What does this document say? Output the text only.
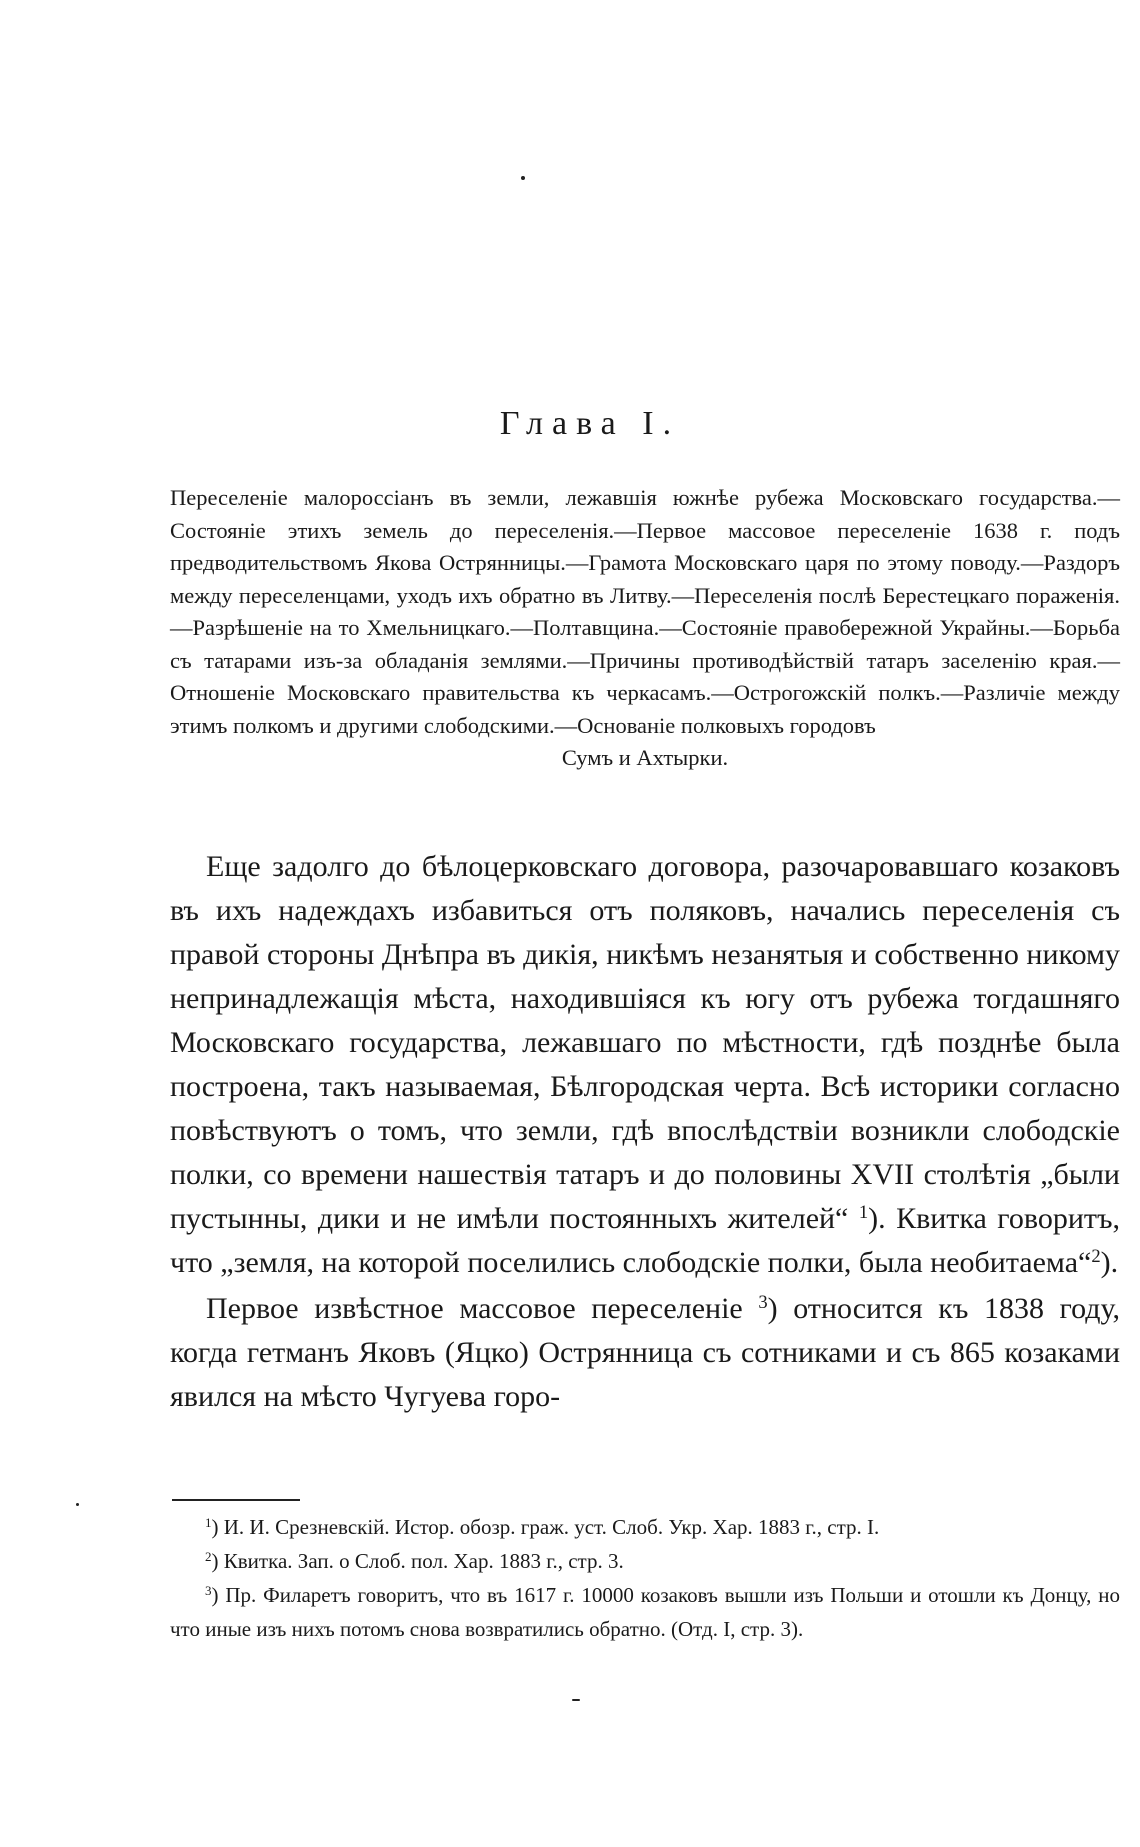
Глава I.
Переселеніе малороссіанъ въ земли, лежавшія южнѣе рубежа Московскаго государства.—Состояніе этихъ земель до переселенія.—Первое массовое переселеніе 1638 г. подъ предводительствомъ Якова Острянницы.—Грамота Московскаго царя по этому поводу.—Раздоръ между переселенцами, уходъ ихъ обратно въ Литву.—Переселенія послѣ Берестецкаго пораженія.—Разрѣшеніе на то Хмельницкаго.—Полтавщина.—Состояніе правобережной Украйны.—Борьба съ татарами изъ-за обладанія землями.—Причины противодѣйствій татаръ заселенію края.—Отношеніе Московскаго правительства къ черкасамъ.—Острогожскій полкъ.—Различіе между этимъ полкомъ и другими слободскими.—Основаніе полковыхъ городовъ
Сумъ и Ахтырки.

Еще задолго до бѣлоцерковскаго договора, разочаровавшаго козаковъ въ ихъ надеждахъ избавиться отъ поляковъ, начались переселенія съ правой стороны Днѣпра въ дикія, никѣмъ незанятыя и собственно никому непринадлежащія мѣста, находившіяся къ югу отъ рубежа тогдашняго Московскаго государства, лежавшаго по мѣстности, гдѣ позднѣе была построена, такъ называемая, Бѣлгородская черта. Всѣ историки согласно повѣствуютъ о томъ, что земли, гдѣ впослѣдствіи возникли слободскіе полки, со времени нашествія татаръ и до половины XVII столѣтія „были пустынны, дики и не имѣли постоянныхъ жителей“ $^1$). Квитка говоритъ, что „земля, на которой поселились слободскіе полки, была необитаема“$^2$).

Первое извѣстное массовое переселеніе $^3$) относится къ 1838 году, когда гетманъ Яковъ (Яцко) Острянница съ сотниками и съ 865 козаками явился на мѣсто Чугуева горо-

$^1$) И. И. Срезневскій. Истор. обозр. граж. уст. Слоб. Укр. Хар. 1883 г., стр. I.

$^2$) Квитка. Зап. о Слоб. пол. Хар. 1883 г., стр. 3.

$^3$) Пр. Филаретъ говоритъ, что въ 1617 г. 10000 козаковъ вышли изъ Польши и отошли къ Донцу, но что иные изъ нихъ потомъ снова возвратились обратно. (Отд. I, стр. 3).
